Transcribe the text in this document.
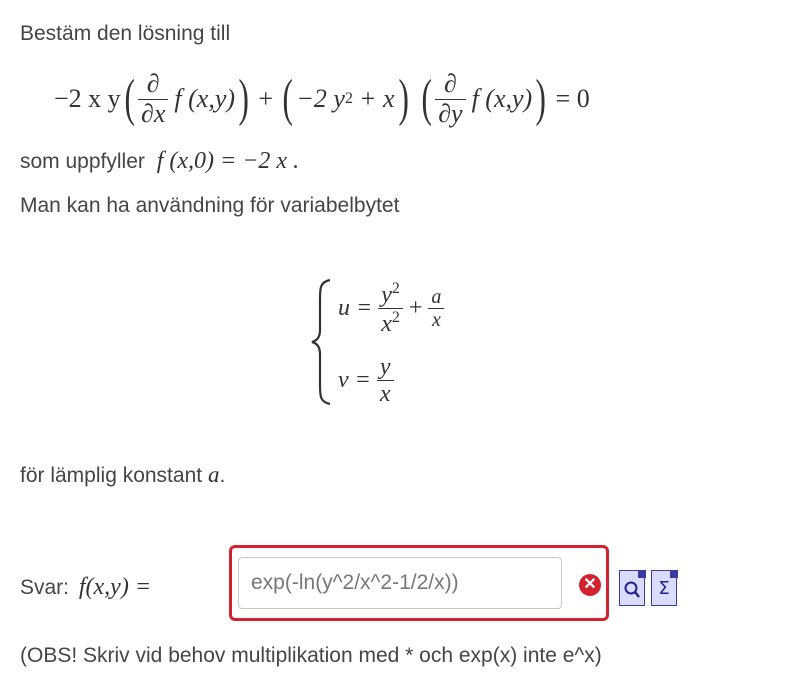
Bestäm den lösning till
−2 x y ( $\frac{\partial}{\partial x}$ f (x,y) ) + ( −2 y 2 + x ) ( $\frac{\partial}{\partial y}$ f (x,y) ) = 0
som uppfyller f (x,0) = −2 x .
Man kan ha användning för variabelbytet
$u = \frac{y^2}{x^2} + \frac{a}{x}$
$v = \frac{y}{x}$
för lämplig konstant a.
Svar: f(x,y) =
exp(-ln(y^2/x^2-1/2/x))	✕	Σ
(OBS! Skriv vid behov multiplikation med * och exp(x) inte e^x)
